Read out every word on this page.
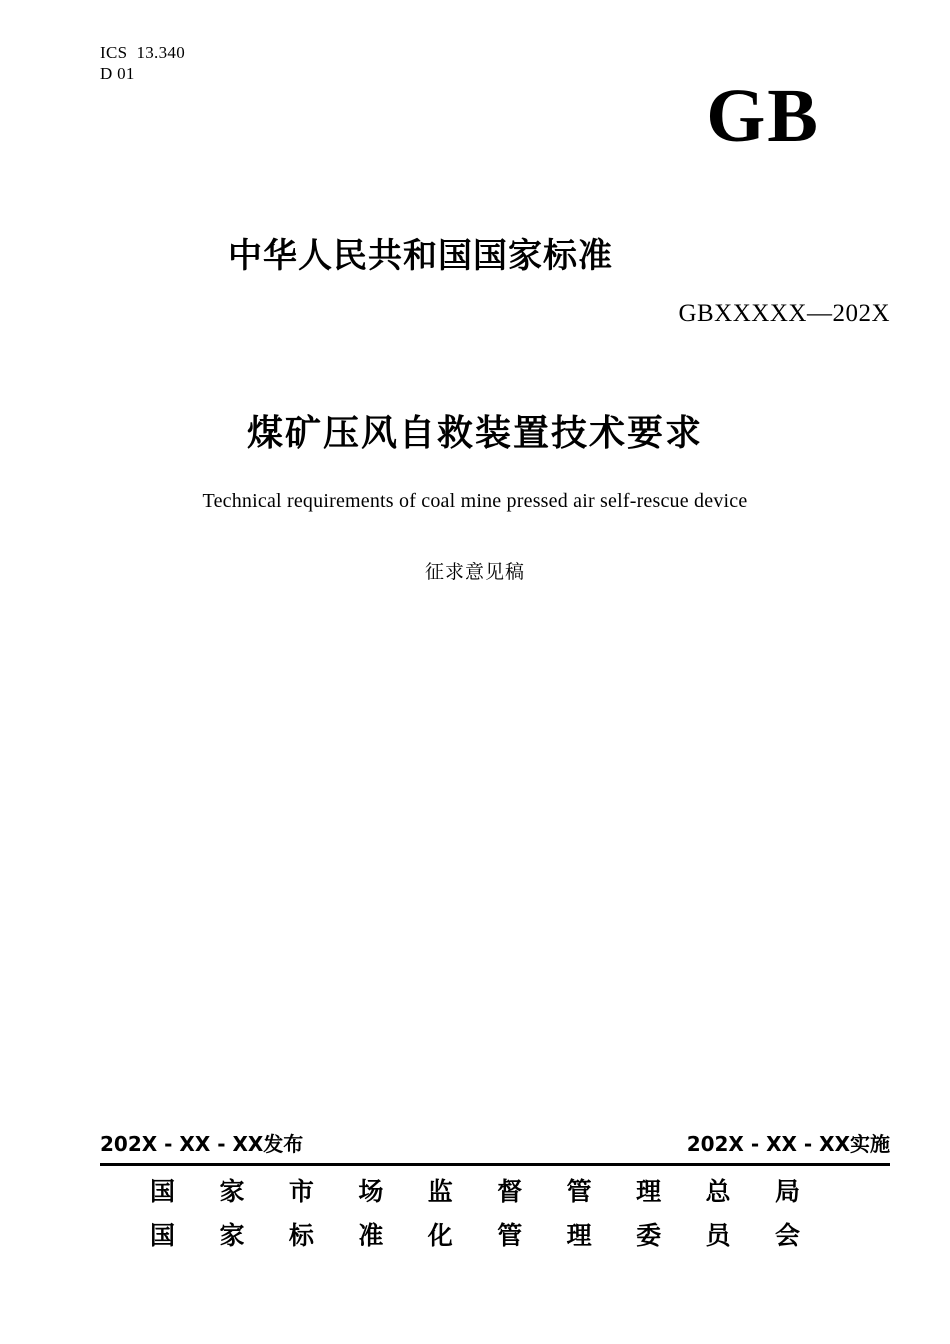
ICS  13.340
D 01
GB
中华人民共和国国家标准
GBXXXXX—202X
煤矿压风自救装置技术要求
Technical requirements of coal mine pressed air self-rescue device
征求意见稿
202X - XX - XX发布	202X - XX - XX实施
国 家 市 场 监 督 管 理 总 局
国 家 标 准 化 管 理 委 员 会
